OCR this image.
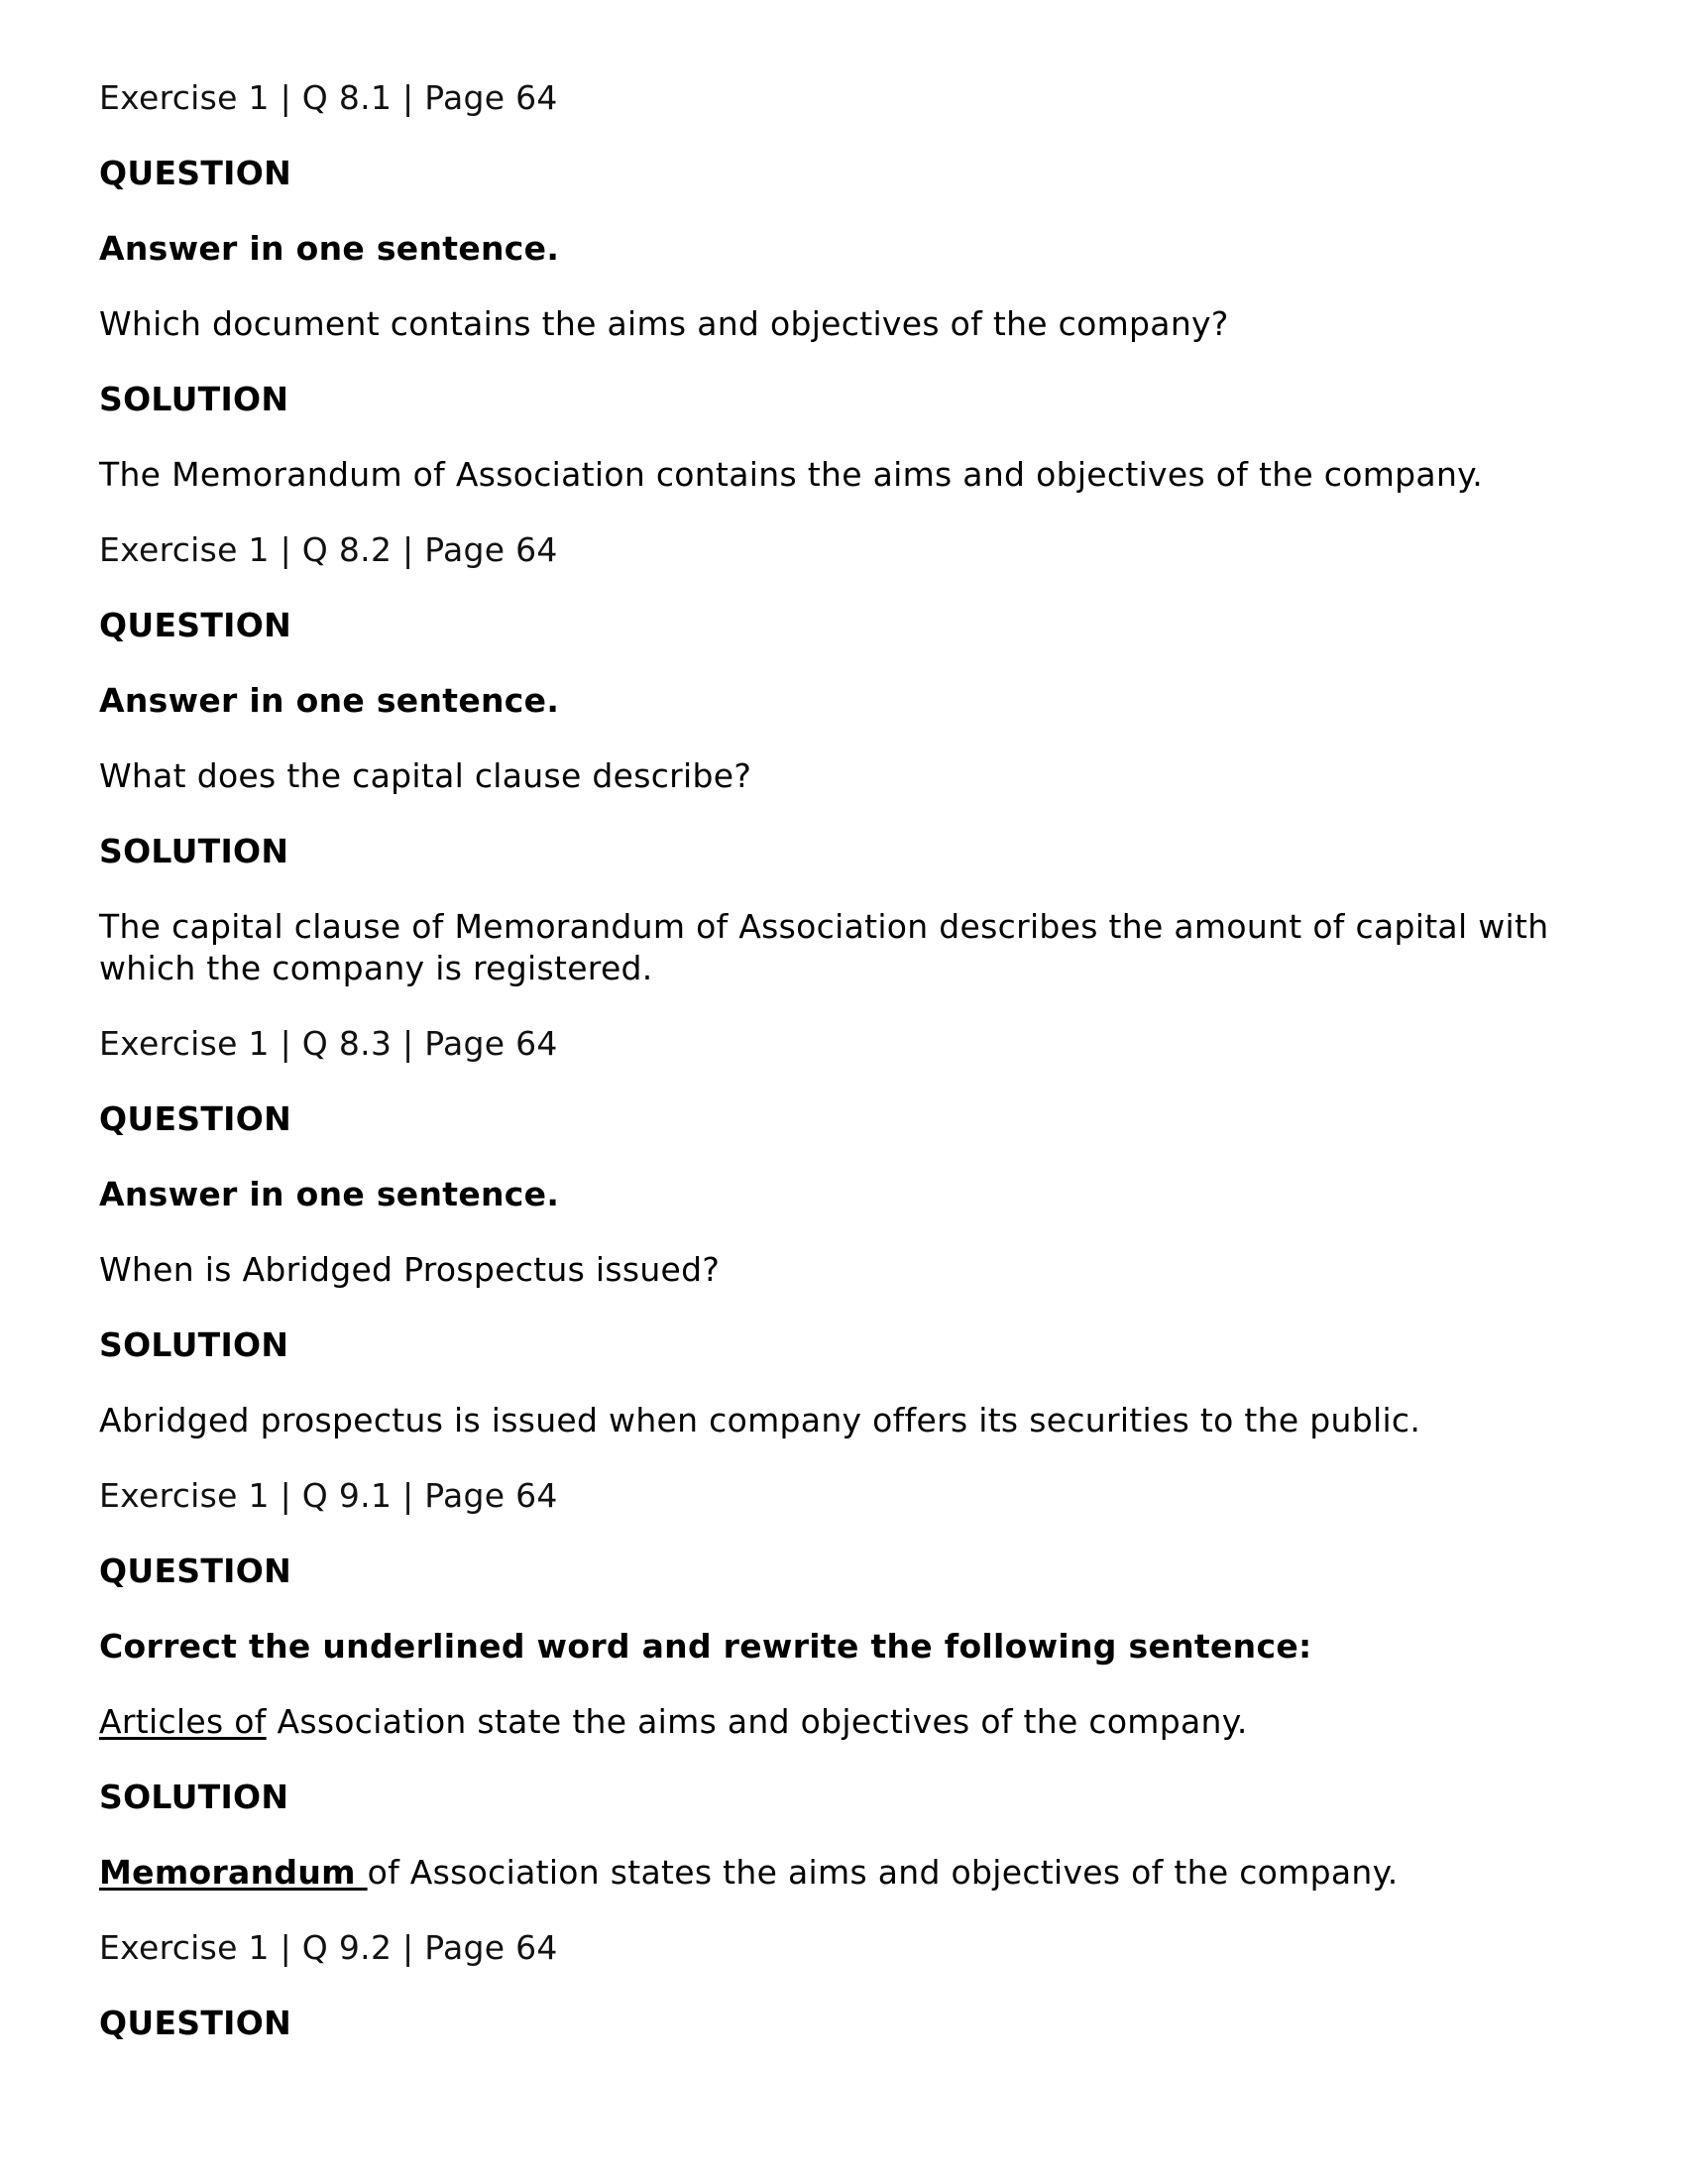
Exercise 1 | Q 8.1 | Page 64
QUESTION
Answer in one sentence.
Which document contains the aims and objectives of the company?
SOLUTION
The Memorandum of Association contains the aims and objectives of the company.
Exercise 1 | Q 8.2 | Page 64
QUESTION
Answer in one sentence.
What does the capital clause describe?
SOLUTION
The capital clause of Memorandum of Association describes the amount of capital with which the company is registered.
Exercise 1 | Q 8.3 | Page 64
QUESTION
Answer in one sentence.
When is Abridged Prospectus issued?
SOLUTION
Abridged prospectus is issued when company offers its securities to the public.
Exercise 1 | Q 9.1 | Page 64
QUESTION
Correct the underlined word and rewrite the following sentence:
Articles of Association state the aims and objectives of the company.
SOLUTION
Memorandum of Association states the aims and objectives of the company.
Exercise 1 | Q 9.2 | Page 64
QUESTION
